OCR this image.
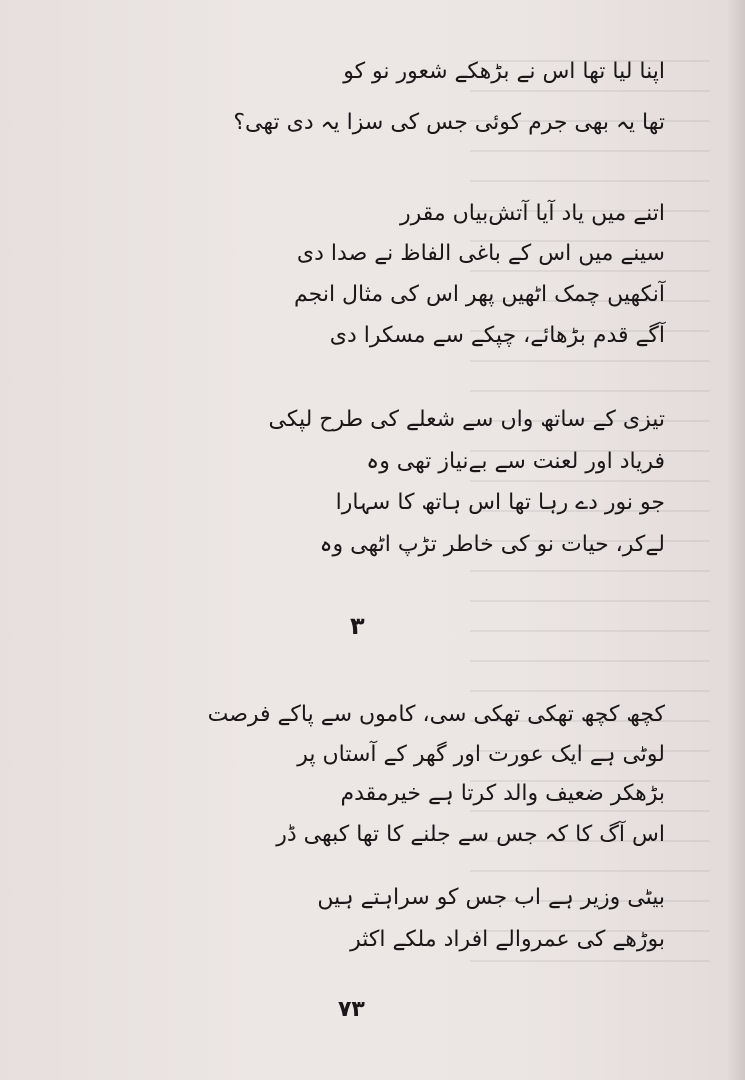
اپنا لیا تھا اس نے بڑھکے شعور نو کو
تھا یہ بھی جرم کوئی جس کی سزا یہ دی تھی؟
اتنے میں یاد آیا آتش‌بیاں مقرر
سینے میں اس کے باغی الفاظ نے صدا دی
آنکھیں چمک اٹھیں پھر اس کی مثال انجم
آگے قدم بڑھائے، چپکے سے مسکرا دی
تیزی کے ساتھ واں سے شعلے کی طرح لپکی
فریاد اور لعنت سے بےنیاز تھی وہ
جو نور دے رہا تھا اس ہاتھ کا سہارا
لےکر، حیات نو کی خاطر تڑپ اٹھی وہ
کچھ کچھ تھکی تھکی سی، کاموں سے پاکے فرصت
لوٹی ہے ایک عورت اور گھر کے آستاں پر
بڑھکر ضعیف والد کرتا ہے خیرمقدم
اس آگ کا کہ جس سے جلنے کا تھا کبھی ڈر
بیٹی وزیر ہے اب جس کو سراہتے ہیں
بوڑھے کی عمروالے افراد ملکے اکثر
۳
۷۳
